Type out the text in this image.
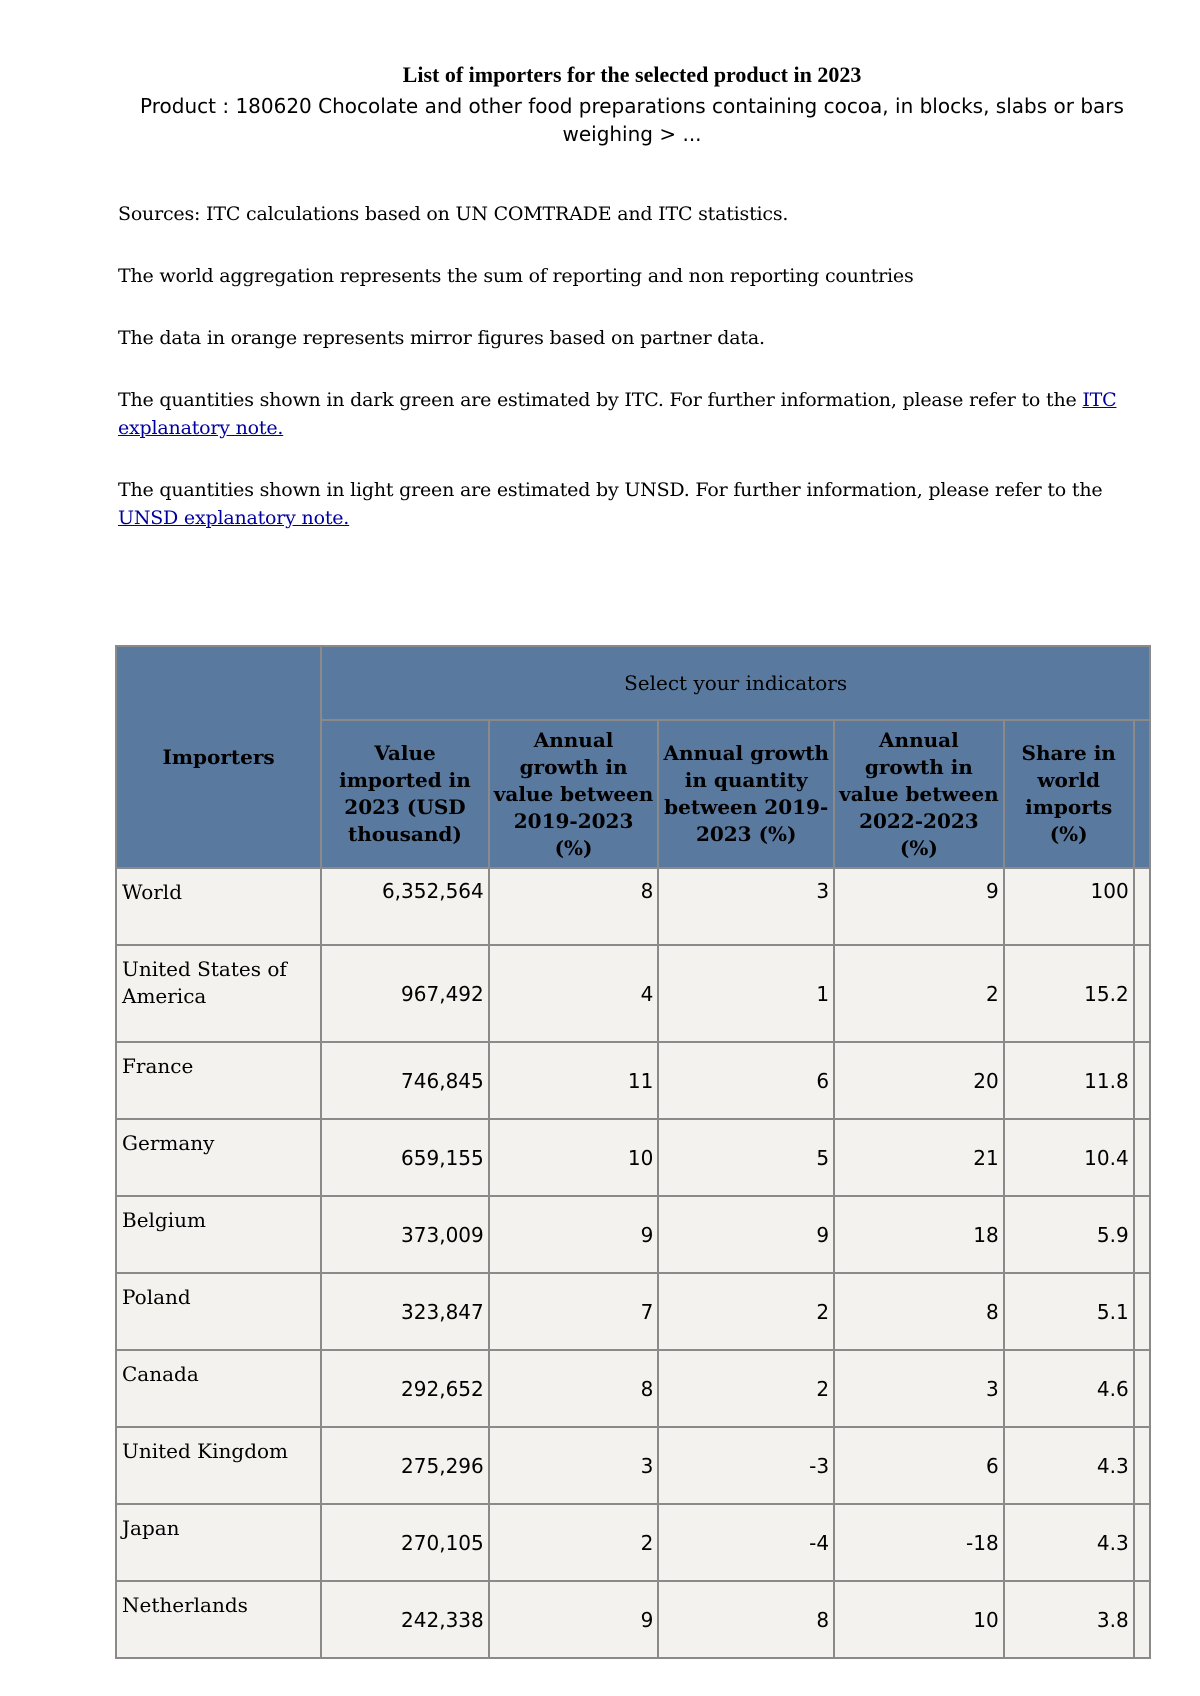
List of importers for the selected product in 2023

Product : 180620 Chocolate and other food preparations containing cocoa, in blocks, slabs or bars weighing > ...

Sources: ITC calculations based on UN COMTRADE and ITC statistics.

The world aggregation represents the sum of reporting and non reporting countries

The data in orange represents mirror figures based on partner data.

The quantities shown in dark green are estimated by ITC. For further information, please refer to the ITC explanatory note.

The quantities shown in light green are estimated by UNSD. For further information, please refer to the UNSD explanatory note.

Importers	Select your indicators					
	Value imported in 2023 (USD thousand)	Annual growth in value between 2019-2023 (%)	Annual growth in quantity between 2019-2023 (%)	Annual growth in value between 2022-2023 (%)	Share in world imports (%)	
World	6,352,564	8	3	9	100	
United States of America	967,492	4	1	2	15.2	
France	746,845	11	6	20	11.8	
Germany	659,155	10	5	21	10.4	
Belgium	373,009	9	9	18	5.9	
Poland	323,847	7	2	8	5.1	
Canada	292,652	8	2	3	4.6	
United Kingdom	275,296	3	-3	6	4.3	
Japan	270,105	2	-4	-18	4.3	
Netherlands	242,338	9	8	10	3.8	
